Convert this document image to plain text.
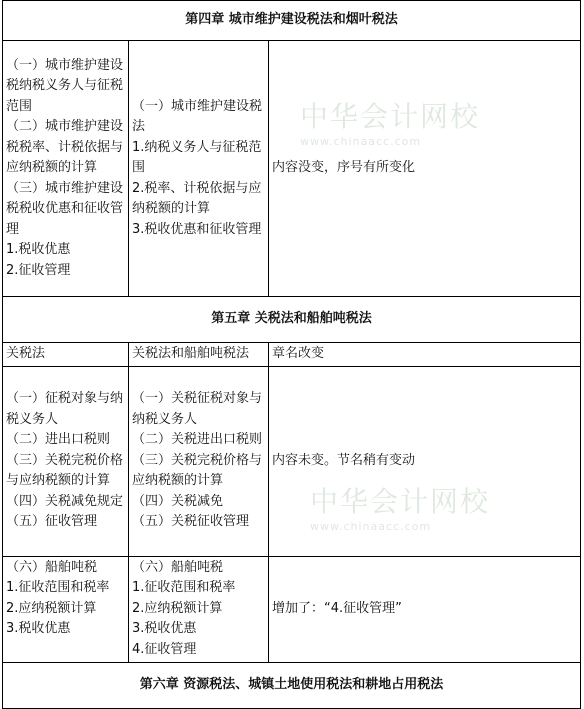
中华会计网校
www.chinaacc.com
中华会计网校
www.chinaacc.com
第四章 城市维护建设税法和烟叶税法		

（一）城市维护建设税纳税义务人与征税范围
（二）城市维护建设税税率、计税依据与应纳税额的计算
（三）城市维护建设税税收优惠和征收管理
1.税收优惠
2.征收管理	（一）城市维护建设税法
1.纳税义务人与征税范围
2.税率、计税依据与应纳税额的计算
3.税收优惠和征收管理	内容没变，序号有所变化
第五章 关税法和船舶吨税法		
关税法	关税法和船舶吨税法	章名改变

（一）征税对象与纳税义务人
（二）进出口税则
（三）关税完税价格与应纳税额的计算
（四）关税减免规定
（五）征收管理	（一）关税征税对象与纳税义务人
（二）关税进出口税则
（三）关税完税价格与应纳税额的计算
（四）关税减免
（五）关税征收管理	内容未变。节名稍有变动

（六）船舶吨税
1.征收范围和税率
2.应纳税额计算
3.税收优惠	（六）船舶吨税
1.征收范围和税率
2.应纳税额计算
3.税收优惠
4.征收管理	增加了：“4.征收管理”
第六章 资源税法、城镇土地使用税法和耕地占用税法		
